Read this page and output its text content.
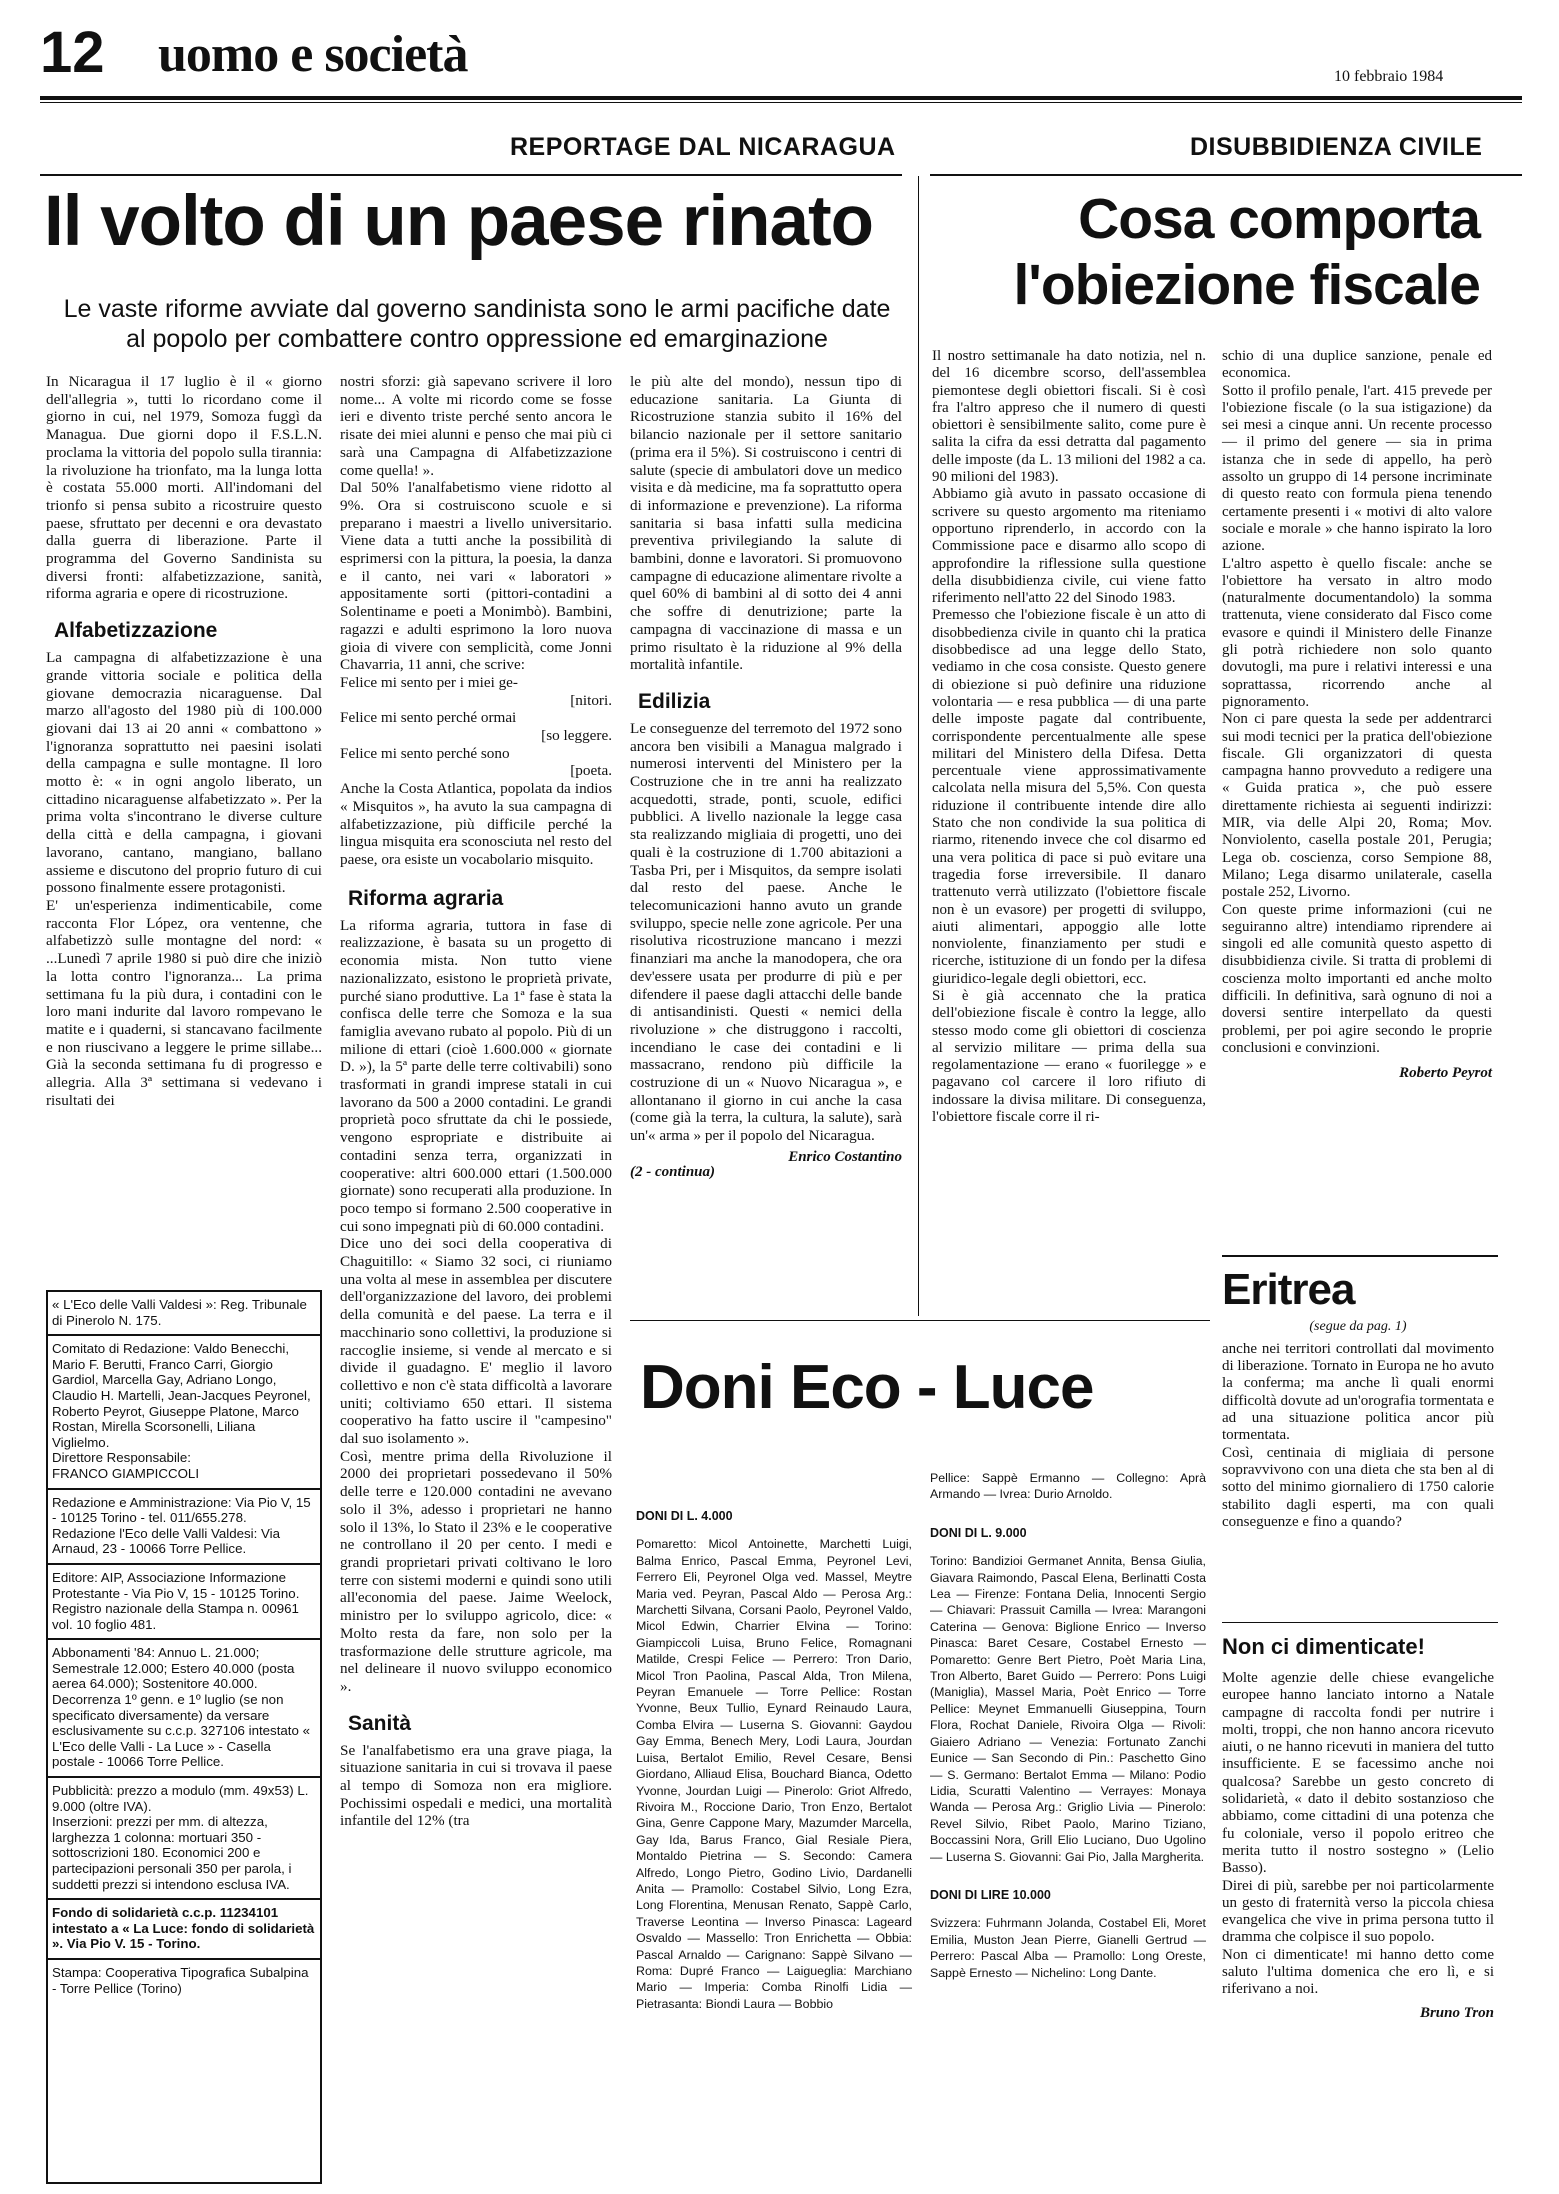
12 uomo e società	10 febbraio 1984
REPORTAGE DAL NICARAGUA
Il volto di un paese rinato
Le vaste riforme avviate dal governo sandinista sono le armi pacifiche date al popolo per combattere contro oppressione ed emarginazione
In Nicaragua il 17 luglio è il « giorno dell'allegria », tutti lo ricordano come il giorno in cui, nel 1979, Somoza fuggì da Managua. Due giorni dopo il F.S.L.N. proclama la vittoria del popolo sulla tirannia: la rivoluzione ha trionfato, ma la lunga lotta è costata 55.000 morti. All'indomani del trionfo si pensa subito a ricostruire questo paese, sfruttato per decenni e ora devastato dalla guerra di liberazione. Parte il programma del Governo Sandinista su diversi fronti: alfabetizzazione, sanità, riforma agraria e opere di ricostruzione.
Alfabetizzazione
La campagna di alfabetizzazione è una grande vittoria sociale e politica della giovane democrazia nicaraguense. Dal marzo all'agosto del 1980 più di 100.000 giovani dai 13 ai 20 anni « combattono » l'ignoranza soprattutto nei paesini isolati della campagna e sulle montagne. Il loro motto è: « in ogni angolo liberato, un cittadino nicaraguense alfabetizzato ». Per la prima volta s'incontrano le diverse culture della città e della campagna, i giovani lavorano, cantano, mangiano, ballano assieme e discutono del proprio futuro di cui possono finalmente essere protagonisti.
E' un'esperienza indimenticabile, come racconta Flor López, ora ventenne, che alfabetizzò sulle montagne del nord: « ...Lunedì 7 aprile 1980 si può dire che iniziò la lotta contro l'ignoranza... La prima settimana fu la più dura, i contadini con le loro mani indurite dal lavoro rompevano le matite e i quaderni, si stancavano facilmente e non riuscivano a leggere le prime sillabe... Già la seconda settimana fu di progresso e allegria. Alla 3ª settimana si vedevano i risultati dei
« L'Eco delle Valli Valdesi »: Reg. Tribunale di Pinerolo N. 175.
Comitato di Redazione: Valdo Benecchi, Mario F. Berutti, Franco Carri, Giorgio Gardiol, Marcella Gay, Adriano Longo, Claudio H. Martelli, Jean-Jacques Peyronel, Roberto Peyrot, Giuseppe Platone, Marco Rostan, Mirella Scorsonelli, Liliana Viglielmo.
Direttore Responsabile:
FRANCO GIAMPICCOLI
Redazione e Amministrazione: Via Pio V, 15 - 10125 Torino - tel. 011/655.278.
Redazione l'Eco delle Valli Valdesi: Via Arnaud, 23 - 10066 Torre Pellice.
Editore: AIP, Associazione Informazione Protestante - Via Pio V, 15 - 10125 Torino.
Registro nazionale della Stampa n. 00961 vol. 10 foglio 481.
Abbonamenti '84: Annuo L. 21.000; Semestrale 12.000; Estero 40.000 (posta aerea 64.000); Sostenitore 40.000. Decorrenza 1º genn. e 1º luglio (se non specificato diversamente) da versare esclusivamente su c.c.p. 327106 intestato « L'Eco delle Valli - La Luce » - Casella postale - 10066 Torre Pellice.
Pubblicità: prezzo a modulo (mm. 49x53) L. 9.000 (oltre IVA).
Inserzioni: prezzi per mm. di altezza, larghezza 1 colonna: mortuari 350 - sottoscrizioni 180. Economici 200 e partecipazioni personali 350 per parola, i suddetti prezzi si intendono esclusa IVA.
Fondo di solidarietà c.c.p. 11234101 intestato a « La Luce: fondo di solidarietà ». Via Pio V. 15 - Torino.
Stampa: Cooperativa Tipografica Subalpina - Torre Pellice (Torino)
nostri sforzi: già sapevano scrivere il loro nome... A volte mi ricordo come se fosse ieri e divento triste perché sento ancora le risate dei miei alunni e penso che mai più ci sarà una Campagna di Alfabetizzazione come quella! ».
Dal 50% l'analfabetismo viene ridotto al 9%. Ora si costruiscono scuole e si preparano i maestri a livello universitario. Viene data a tutti anche la possibilità di esprimersi con la pittura, la poesia, la danza e il canto, nei vari « laboratori » appositamente sorti (pittori-contadini a Solentiname e poeti a Monimbò). Bambini, ragazzi e adulti esprimono la loro nuova gioia di vivere con semplicità, come Jonni Chavarria, 11 anni, che scrive:
Felice mi sento per i miei ge-
[nitori.
Felice mi sento perché ormai
[so leggere.
Felice mi sento perché sono
[poeta.
Anche la Costa Atlantica, popolata da indios « Misquitos », ha avuto la sua campagna di alfabetizzazione, più difficile perché la lingua misquita era sconosciuta nel resto del paese, ora esiste un vocabolario misquito.
Riforma agraria
La riforma agraria, tuttora in fase di realizzazione, è basata su un progetto di economia mista. Non tutto viene nazionalizzato, esistono le proprietà private, purché siano produttive. La 1ª fase è stata la confisca delle terre che Somoza e la sua famiglia avevano rubato al popolo. Più di un milione di ettari (cioè 1.600.000 « giornate D. »), la 5ª parte delle terre coltivabili) sono trasformati in grandi imprese statali in cui lavorano da 500 a 2000 contadini. Le grandi proprietà poco sfruttate da chi le possiede, vengono espropriate e distribuite ai contadini senza terra, organizzati in cooperative: altri 600.000 ettari (1.500.000 giornate) sono recuperati alla produzione. In poco tempo si formano 2.500 cooperative in cui sono impegnati più di 60.000 contadini.
Dice uno dei soci della cooperativa di Chaguitillo: « Siamo 32 soci, ci riuniamo una volta al mese in assemblea per discutere dell'organizzazione del lavoro, dei problemi della comunità e del paese. La terra e il macchinario sono collettivi, la produzione si raccoglie insieme, si vende al mercato e si divide il guadagno. E' meglio il lavoro collettivo e non c'è stata difficoltà a lavorare uniti; coltiviamo 650 ettari. Il sistema cooperativo ha fatto uscire il "campesino" dal suo isolamento ».
Così, mentre prima della Rivoluzione il 2000 dei proprietari possedevano il 50% delle terre e 120.000 contadini ne avevano solo il 3%, adesso i proprietari ne hanno solo il 13%, lo Stato il 23% e le cooperative ne controllano il 20 per cento. I medi e grandi proprietari privati coltivano le loro terre con sistemi moderni e quindi sono utili all'economia del paese. Jaime Weelock, ministro per lo sviluppo agricolo, dice: « Molto resta da fare, non solo per la trasformazione delle strutture agricole, ma nel delineare il nuovo sviluppo economico ».
Sanità
Se l'analfabetismo era una grave piaga, la situazione sanitaria in cui si trovava il paese al tempo di Somoza non era migliore. Pochissimi ospedali e medici, una mortalità infantile del 12% (tra
le più alte del mondo), nessun tipo di educazione sanitaria. La Giunta di Ricostruzione stanzia subito il 16% del bilancio nazionale per il settore sanitario (prima era il 5%). Si costruiscono i centri di salute (specie di ambulatori dove un medico visita e dà medicine, ma fa soprattutto opera di informazione e prevenzione). La riforma sanitaria si basa infatti sulla medicina preventiva privilegiando la salute di bambini, donne e lavoratori. Si promuovono campagne di educazione alimentare rivolte a quel 60% di bambini al di sotto dei 4 anni che soffre di denutrizione; parte la campagna di vaccinazione di massa e un primo risultato è la riduzione al 9% della mortalità infantile.
Edilizia
Le conseguenze del terremoto del 1972 sono ancora ben visibili a Managua malgrado i numerosi interventi del Ministero per la Costruzione che in tre anni ha realizzato acquedotti, strade, ponti, scuole, edifici pubblici. A livello nazionale la legge casa sta realizzando migliaia di progetti, uno dei quali è la costruzione di 1.700 abitazioni a Tasba Pri, per i Misquitos, da sempre isolati dal resto del paese. Anche le telecomunicazioni hanno avuto un grande sviluppo, specie nelle zone agricole. Per una risolutiva ricostruzione mancano i mezzi finanziari ma anche la manodopera, che ora dev'essere usata per produrre di più e per difendere il paese dagli attacchi delle bande di antisandinisti. Questi « nemici della rivoluzione » che distruggono i raccolti, incendiano le case dei contadini e li massacrano, rendono più difficile la costruzione di un « Nuovo Nicaragua », e allontanano il giorno in cui anche la casa (come già la terra, la cultura, la salute), sarà un'« arma » per il popolo del Nicaragua.
Enrico Costantino
(2 - continua)
DISUBBIDIENZA CIVILE
Cosa comporta l'obiezione fiscale
Il nostro settimanale ha dato notizia, nel n. del 16 dicembre scorso, dell'assemblea piemontese degli obiettori fiscali. Si è così fra l'altro appreso che il numero di questi obiettori è sensibilmente salito, come pure è salita la cifra da essi detratta dal pagamento delle imposte (da L. 13 milioni del 1982 a ca. 90 milioni del 1983).
Abbiamo già avuto in passato occasione di scrivere su questo argomento ma riteniamo opportuno riprenderlo, in accordo con la Commissione pace e disarmo allo scopo di approfondire la riflessione sulla questione della disubbidienza civile, cui viene fatto riferimento nell'atto 22 del Sinodo 1983.
Premesso che l'obiezione fiscale è un atto di disobbedienza civile in quanto chi la pratica disobbedisce ad una legge dello Stato, vediamo in che cosa consiste. Questo genere di obiezione si può definire una riduzione volontaria — e resa pubblica — di una parte delle imposte pagate dal contribuente, corrispondente percentualmente alle spese militari del Ministero della Difesa. Detta percentuale viene approssimativamente calcolata nella misura del 5,5%. Con questa riduzione il contribuente intende dire allo Stato che non condivide la sua politica di riarmo, ritenendo invece che col disarmo ed una vera politica di pace si può evitare una tragedia forse irreversibile. Il danaro trattenuto verrà utilizzato (l'obiettore fiscale non è un evasore) per progetti di sviluppo, aiuti alimentari, appoggio alle lotte nonviolente, finanziamento per studi e ricerche, istituzione di un fondo per la difesa giuridico-legale degli obiettori, ecc.
Si è già accennato che la pratica dell'obiezione fiscale è contro la legge, allo stesso modo come gli obiettori di coscienza al servizio militare — prima della sua regolamentazione — erano « fuorilegge » e pagavano col carcere il loro rifiuto di indossare la divisa militare. Di conseguenza, l'obiettore fiscale corre il ri-
schio di una duplice sanzione, penale ed economica.
Sotto il profilo penale, l'art. 415 prevede per l'obiezione fiscale (o la sua istigazione) da sei mesi a cinque anni. Un recente processo — il primo del genere — sia in prima istanza che in sede di appello, ha però assolto un gruppo di 14 persone incriminate di questo reato con formula piena tenendo certamente presenti i « motivi di alto valore sociale e morale » che hanno ispirato la loro azione.
L'altro aspetto è quello fiscale: anche se l'obiettore ha versato in altro modo (naturalmente documentandolo) la somma trattenuta, viene considerato dal Fisco come evasore e quindi il Ministero delle Finanze gli potrà richiedere non solo quanto dovutogli, ma pure i relativi interessi e una soprattassa, ricorrendo anche al pignoramento.
Non ci pare questa la sede per addentrarci sui modi tecnici per la pratica dell'obiezione fiscale. Gli organizzatori di questa campagna hanno provveduto a redigere una « Guida pratica », che può essere direttamente richiesta ai seguenti indirizzi: MIR, via delle Alpi 20, Roma; Mov. Nonviolento, casella postale 201, Perugia; Lega ob. coscienza, corso Sempione 88, Milano; Lega disarmo unilaterale, casella postale 252, Livorno.
Con queste prime informazioni (cui ne seguiranno altre) intendiamo riprendere ai singoli ed alle comunità questo aspetto di disubbidienza civile. Si tratta di problemi di coscienza molto importanti ed anche molto difficili. In definitiva, sarà ognuno di noi a doversi sentire interpellato da questi problemi, per poi agire secondo le proprie conclusioni e convinzioni.
Roberto Peyrot
Doni Eco - Luce
DONI DI L. 4.000
Pomaretto: Micol Antoinette, Marchetti Luigi, Balma Enrico, Pascal Emma, Peyronel Levi, Ferrero Eli, Peyronel Olga ved. Massel, Meytre Maria ved. Peyran, Pascal Aldo — Perosa Arg.: Marchetti Silvana, Corsani Paolo, Peyronel Valdo, Micol Edwin, Charrier Elvina — Torino: Giampiccoli Luisa, Bruno Felice, Romagnani Matilde, Crespi Felice — Perrero: Tron Dario, Micol Tron Paolina, Pascal Alda, Tron Milena, Peyran Emanuele — Torre Pellice: Rostan Yvonne, Beux Tullio, Eynard Reinaudo Laura, Comba Elvira — Luserna S. Giovanni: Gaydou Gay Emma, Benech Mery, Lodi Laura, Jourdan Luisa, Bertalot Emilio, Revel Cesare, Bensi Giordano, Alliaud Elisa, Bouchard Bianca, Odetto Yvonne, Jourdan Luigi — Pinerolo: Griot Alfredo, Rivoira M., Roccione Dario, Tron Enzo, Bertalot Gina, Genre Cappone Mary, Mazumder Marcella, Gay Ida, Barus Franco, Gial Resiale Piera, Montaldo Pietrina — S. Secondo: Camera Alfredo, Longo Pietro, Godino Livio, Dardanelli Anita — Pramollo: Costabel Silvio, Long Ezra, Long Florentina, Menusan Renato, Sappè Carlo, Traverse Leontina — Inverso Pinasca: Lageard Osvaldo — Massello: Tron Enrichetta — Obbia: Pascal Arnaldo — Carignano: Sappè Silvano — Roma: Dupré Franco — Laigueglia: Marchiano Mario — Imperia: Comba Rinolfi Lidia — Pietrasanta: Biondi Laura — Bobbio
Pellice: Sappè Ermanno — Collegno: Aprà Armando — Ivrea: Durio Arnoldo.
DONI DI L. 9.000
Torino: Bandizioi Germanet Annita, Bensa Giulia, Giavara Raimondo, Pascal Elena, Berlinatti Costa Lea — Firenze: Fontana Delia, Innocenti Sergio — Chiavari: Prassuit Camilla — Ivrea: Marangoni Caterina — Genova: Biglione Enrico — Inverso Pinasca: Baret Cesare, Costabel Ernesto — Pomaretto: Genre Bert Pietro, Poèt Maria Lina, Tron Alberto, Baret Guido — Perrero: Pons Luigi (Maniglia), Massel Maria, Poèt Enrico — Torre Pellice: Meynet Emmanuelli Giuseppina, Tourn Flora, Rochat Daniele, Rivoira Olga — Rivoli: Giaiero Adriano — Venezia: Fortunato Zanchi Eunice — San Secondo di Pin.: Paschetto Gino — S. Germano: Bertalot Emma — Milano: Podio Lidia, Scuratti Valentino — Verrayes: Monaya Wanda — Perosa Arg.: Griglio Livia — Pinerolo: Revel Silvio, Ribet Paolo, Marino Tiziano, Boccassini Nora, Grill Elio Luciano, Duo Ugolino — Luserna S. Giovanni: Gai Pio, Jalla Margherita.
DONI DI LIRE 10.000
Svizzera: Fuhrmann Jolanda, Costabel Eli, Moret Emilia, Muston Jean Pierre, Gianelli Gertrud — Perrero: Pascal Alba — Pramollo: Long Oreste, Sappè Ernesto — Nichelino: Long Dante.
Eritrea
(segue da pag. 1)
anche nei territori controllati dal movimento di liberazione. Tornato in Europa ne ho avuto la conferma; ma anche lì quali enormi difficoltà dovute ad un'orografia tormentata e ad una situazione politica ancor più tormentata.
Così, centinaia di migliaia di persone sopravvivono con una dieta che sta ben al di sotto del minimo giornaliero di 1750 calorie stabilito dagli esperti, ma con quali conseguenze e fino a quando?
Non ci dimenticate!
Molte agenzie delle chiese evangeliche europee hanno lanciato intorno a Natale campagne di raccolta fondi per nutrire i molti, troppi, che non hanno ancora ricevuto aiuti, o ne hanno ricevuti in maniera del tutto insufficiente. E se facessimo anche noi qualcosa? Sarebbe un gesto concreto di solidarietà, « dato il debito sostanzioso che abbiamo, come cittadini di una potenza che fu coloniale, verso il popolo eritreo che merita tutto il nostro sostegno » (Lelio Basso).
Direi di più, sarebbe per noi particolarmente un gesto di fraternità verso la piccola chiesa evangelica che vive in prima persona tutto il dramma che colpisce il suo popolo.
Non ci dimenticate! mi hanno detto come saluto l'ultima domenica che ero lì, e si riferivano a noi.
Bruno Tron
